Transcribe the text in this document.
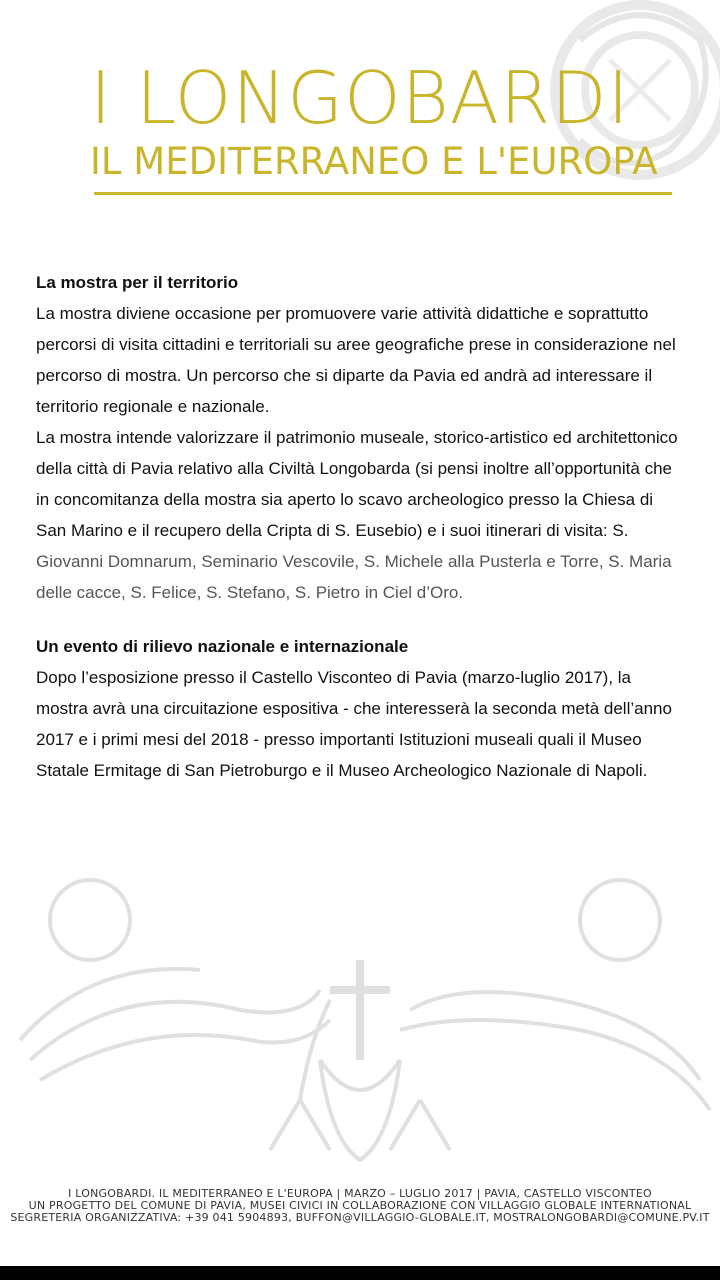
I LONGOBARDI
IL MEDITERRANEO E L'EUROPA
La mostra per il territorio

La mostra diviene occasione per promuovere varie attività didattiche e soprattutto

percorsi di visita cittadini e territoriali su aree geografiche prese in considerazione nel

percorso di mostra. Un percorso che si diparte da Pavia ed andrà ad interessare il

territorio regionale e nazionale.

La mostra intende valorizzare il patrimonio museale, storico-artistico ed architettonico

della città di Pavia relativo alla Civiltà Longobarda (si pensi inoltre all’opportunità che

in concomitanza della mostra sia aperto lo scavo archeologico presso la Chiesa di

San Marino e il recupero della Cripta di S. Eusebio) e i suoi itinerari di visita: S.

Giovanni Domnarum, Seminario Vescovile, S. Michele alla Pusterla e Torre, S. Maria

delle cacce, S. Felice, S. Stefano, S. Pietro in Ciel d’Oro.

Un evento di rilievo nazionale e internazionale

Dopo l’esposizione presso il Castello Visconteo di Pavia (marzo-luglio 2017), la

mostra avrà una circuitazione espositiva - che interesserà la seconda metà dell’anno

2017 e i primi mesi del 2018 - presso importanti Istituzioni museali quali il Museo

Statale Ermitage di San Pietroburgo e il Museo Archeologico Nazionale di Napoli.

I LONGOBARDI. IL MEDITERRANEO E L'EUROPA | MARZO – LUGLIO 2017 | PAVIA, CASTELLO VISCONTEO
UN PROGETTO DEL COMUNE DI PAVIA, MUSEI CIVICI IN COLLABORAZIONE CON VILLAGGIO GLOBALE INTERNATIONAL
SEGRETERIA ORGANIZZATIVA: +39 041 5904893, BUFFON@VILLAGGIO-GLOBALE.IT, MOSTRALONGOBARDI@COMUNE.PV.IT
